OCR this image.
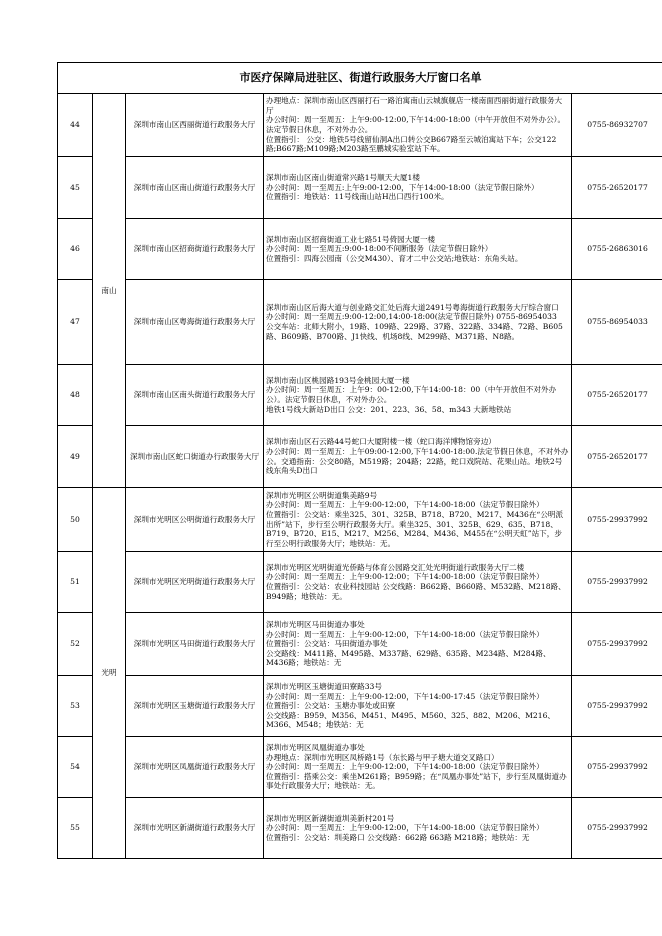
市医疗保障局进驻区、街道行政服务大厅窗口名单				
44	南山	深圳市南山区西丽街道行政服务大厅	办理地点：深圳市南山区西丽打石一路泊寓南山云城旗舰店一楼南面西丽街道行政服务大厅
办公时间：周一至周五：上午9:00-12:00,下午14:00-18:00（中午开放但不对外办公）。法定节假日休息，不对外办公。
位置指引： 公交：地铁5号线留仙洞A出口转公交B667路至云城泊寓站下车；公交122路;B667路;M109路;M203路至鹏城实验室站下车。	0755-86932707
45		深圳市南山区南山街道行政服务大厅	深圳市南山区南山街道常兴路1号顺天大厦1楼
办公时间：周一至周五:上午9:00-12:00，下午14:00-18:00（法定节假日除外）
位置指引：地铁站：11号线南山站H出口西行100米。	0755-26520177
46		深圳市南山区招商街道行政服务大厅	深圳市南山区招商街道工业七路51号倚园大厦一楼
办公时间：周一至周五:9:00-18:00不间断服务（法定节假日除外）
位置指引：四海公园南（公交M430）、育才二中公交站;地铁站：东角头站。	0755-26863016
47		深圳市南山区粤海街道行政服务大厅	深圳市南山区后海大道与创业路交汇处后海大道2491号粤海街道行政服务大厅综合窗口　办公时间：周一至周五:9:00-12:00,14:00-18:00(法定节假日除外) 0755-86954033
公交车站：北师大附小，19路、109路、229路、37路、322路、334路、72路、B605路、B609路、B700路、J1快线、机场8线、M299路、M371路、N8路。	0755-86954033
48		深圳市南山区南头街道行政服务大厅	深圳市南山区桃园路193号金桃园大厦一楼
办公时间：周一至周五：上午9：00-12:00,下午14:00-18：00（中午开放但不对外办公）。法定节假日休息，不对外办公。
地铁1号线大新站D出口 公交：201、223、36、58、m343 大新地铁站	0755-26520177
49		深圳市南山区蛇口街道办行政服务大厅	深圳市南山区石云路44号蛇口大厦附楼一楼（蛇口海洋博物馆旁边）
办公时间：周一至周五：上午09:00-12:00,下午14:00-18:00.法定节假日休息，不对外办公。交通指南：公交80路，M519路；204路；22路，蛇口戏院站、花果山站。地铁2号线东角头D出口	0755-26520177
50	光明	深圳市光明区公明街道行政服务大厅	深圳市光明区公明街道集美路9号
办公时间：周一至周五：上午9:00-12:00，下午14:00-18:00（法定节假日除外）
位置指引：公交站：乘坐325、301、325B、B718、B720、M217、M436在“公明派出所”站下，步行至公明行政服务大厅。乘坐325、301、325B、629、635、B718、B719、B720、E15、M217、M256、M284、M436、M455在“公明天虹”站下，步行至公明行政服务大厅；地铁站：无。	0755-29937992
51		深圳市光明区光明街道行政服务大厅	深圳市光明区光明街道光侨路与体育公园路交汇处光明街道行政服务大厅二楼
办公时间：周一至周五：上午9:00-12:00；下午14:00-18:00（法定节假日除外）
位置指引：公交站：农业科技园站 公交线路：B662路、B660路、M532路、M218路、B949路；地铁站：无。	0755-29937992
52		深圳市光明区马田街道行政服务大厅	深圳市光明区马田街道办事处
办公时间：周一至周五：上午9:00-12:00，下午14:00-18:00（法定节假日除外）
位置指引：公交站：马田街道办事处
公交路线：M411路、M495路、M337路、629路、635路、M234路、M284路、M436路；地铁站：无	0755-29937992
53		深圳市光明区玉塘街道行政服务大厅	深圳市光明区玉塘街道田寮路33号
办公时间：周一至周五：上午9:00-12:00，下午14:00-17:45（法定节假日除外）
位置指引：公交站：玉塘办事处或田寮
公交线路：B959、M356、M451、M495、M560、325、882、M206、M216、M366、M548；地铁站：无	0755-29937992
54		深圳市光明区凤凰街道行政服务大厅	深圳市光明区凤凰街道办事处
办理地点：深圳市光明区凤桥路1号（东长路与甲子塘大道交叉路口）
办公时间：周一至周五：上午9:00-12:00，下午14:00-18:00（法定节假日除外）
位置指引：搭乘公交：乘坐M261路；B959路；在“凤凰办事处”站下，步行至凤凰街道办事处行政服务大厅；地铁站：无。	0755-29937992
55		深圳市光明区新湖街道行政服务大厅	深圳市光明区新湖街道圳美新村201号
办公时间：周一至周五：上午9:00-12:00，下午14:00-18:00（法定节假日除外）
位置指引：公交站：圳美路口 公交线路：662路 663路 M218路；地铁站：无	0755-29937992
